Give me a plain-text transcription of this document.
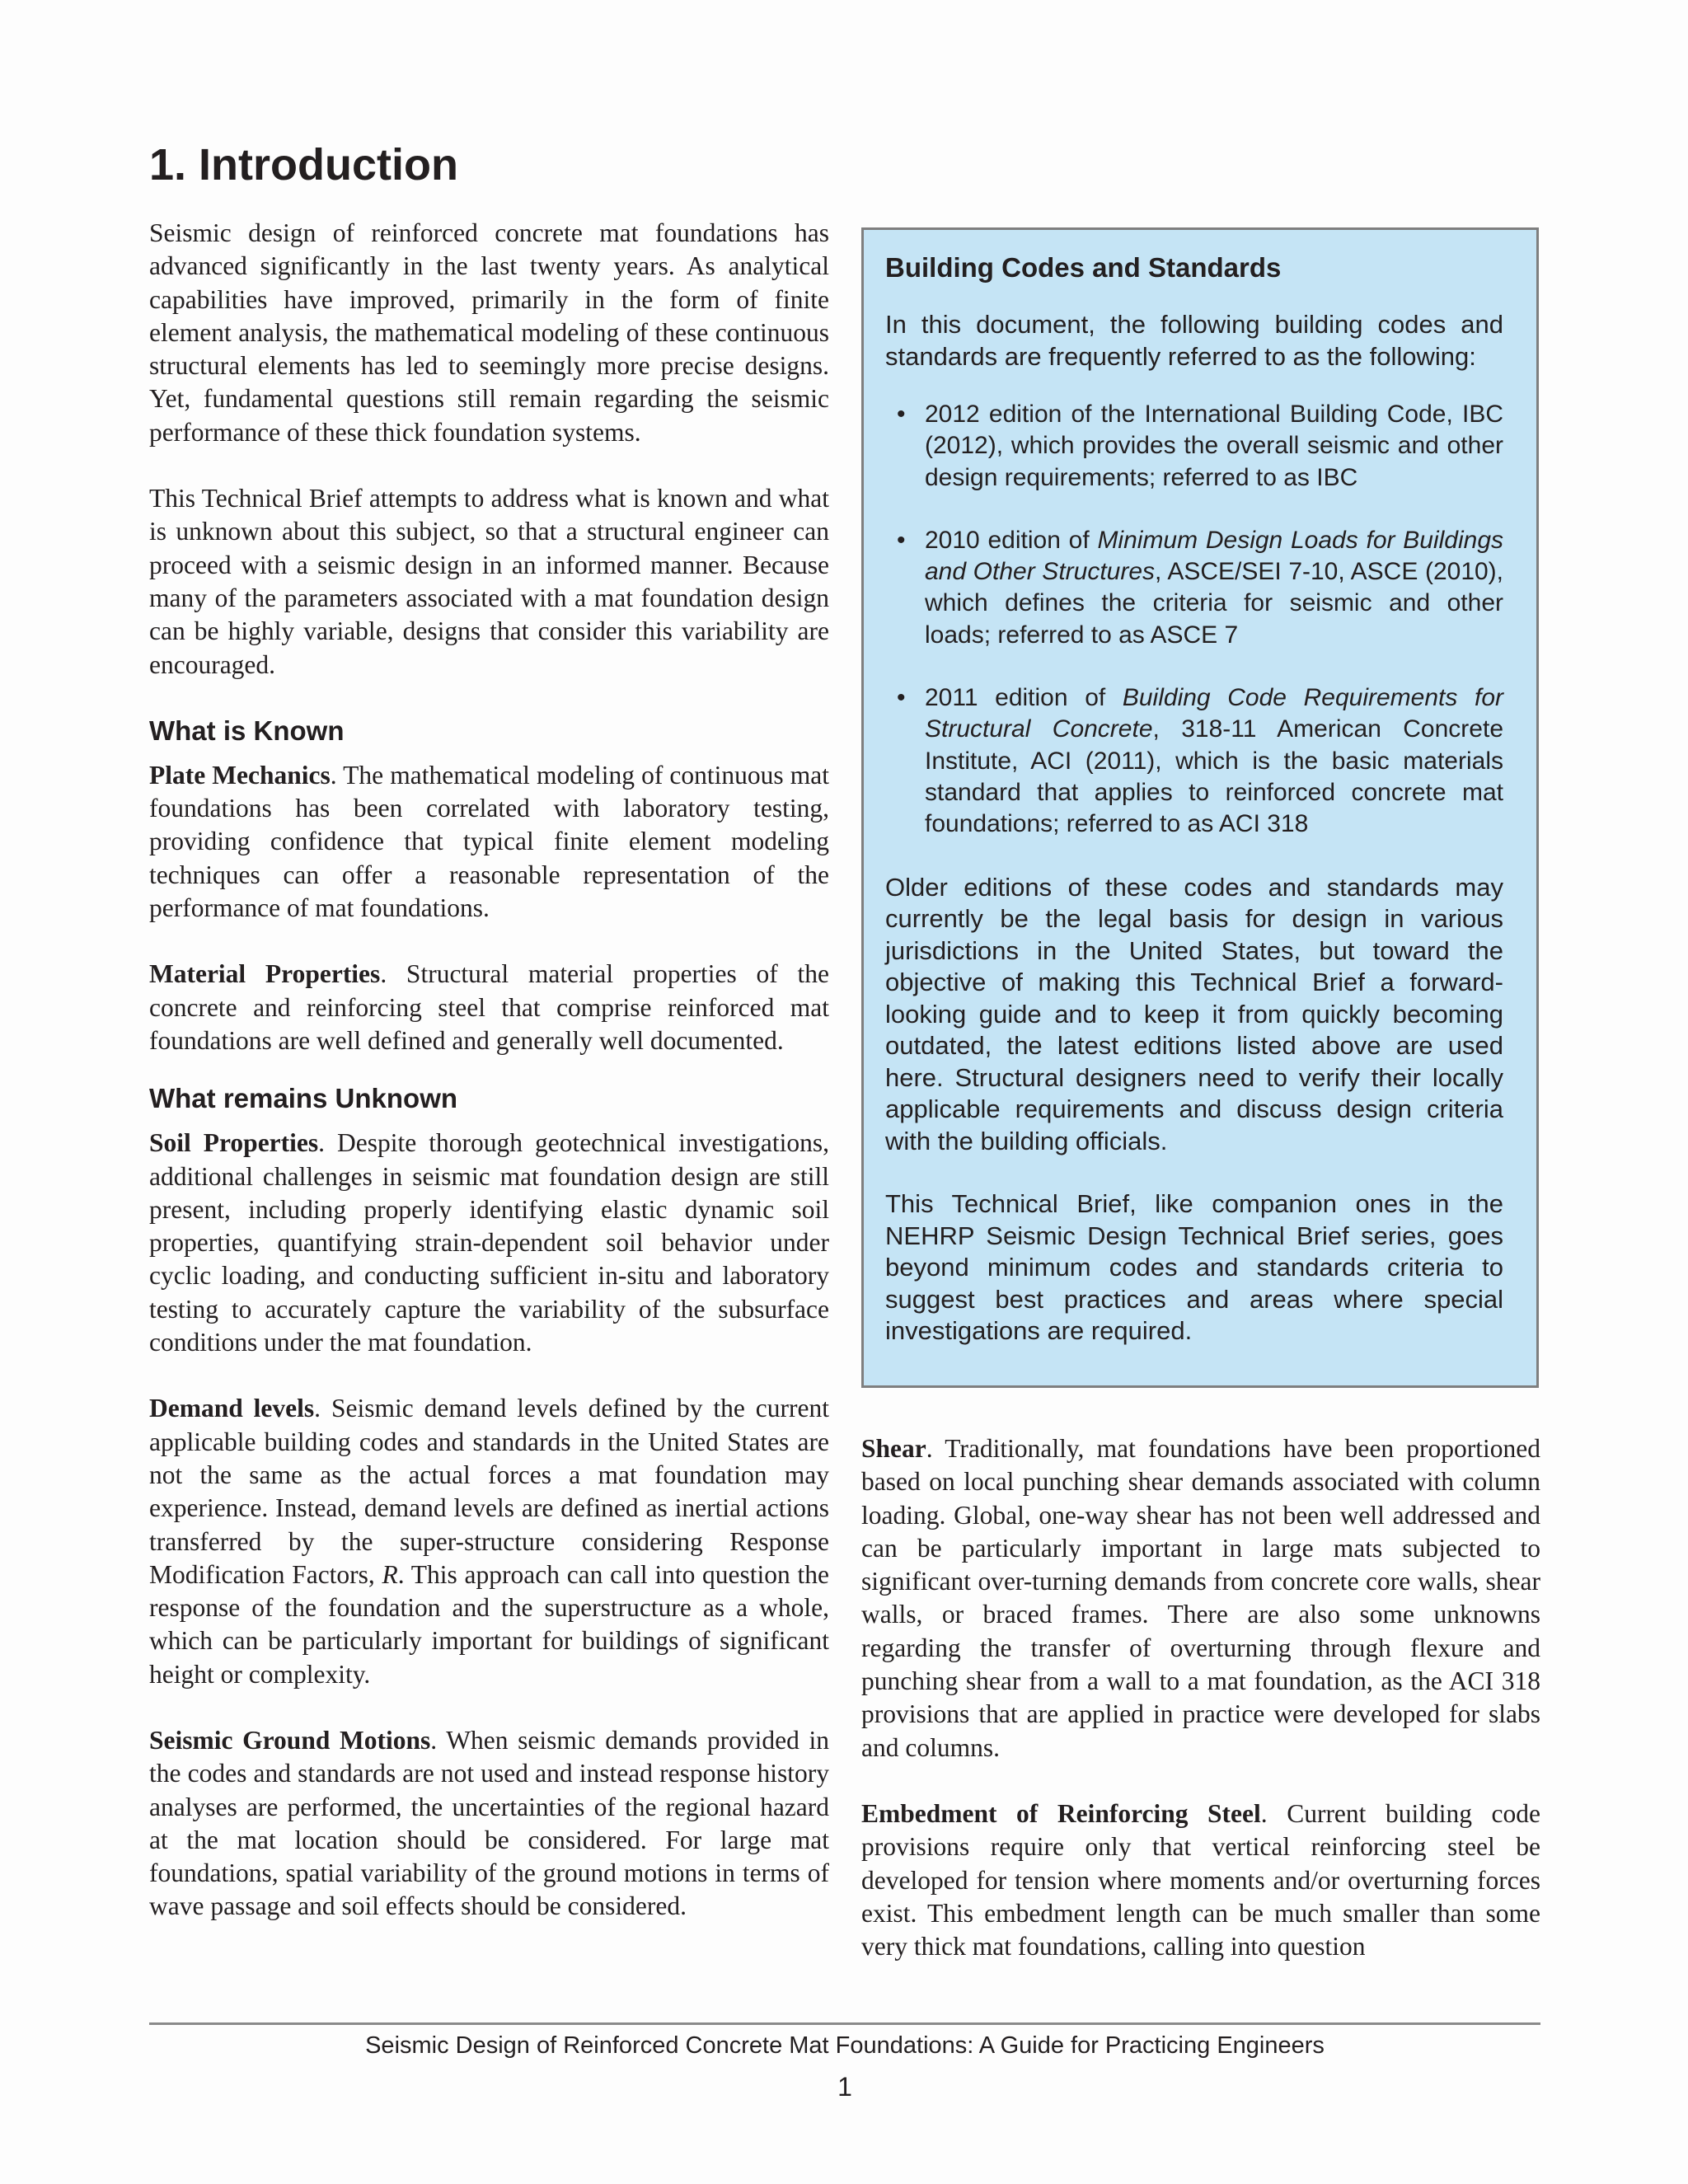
1. Introduction

Seismic design of reinforced concrete mat foundations has advanced significantly in the last twenty years. As analytical capabilities have improved, primarily in the form of finite element analysis, the mathematical modeling of these continuous structural elements has led to seemingly more precise designs. Yet, fundamental questions still remain regarding the seismic performance of these thick foundation systems.

This Technical Brief attempts to address what is known and what is unknown about this subject, so that a structural engineer can proceed with a seismic design in an informed manner. Because many of the parameters associated with a mat foundation design can be highly variable, designs that consider this variability are encouraged.

What is Known

Plate Mechanics. The mathematical modeling of continuous mat foundations has been correlated with laboratory testing, providing confidence that typical finite element modeling techniques can offer a reasonable representation of the performance of mat foundations.

Material Properties. Structural material properties of the concrete and reinforcing steel that comprise reinforced mat foundations are well defined and generally well documented.

What remains Unknown

Soil Properties. Despite thorough geotechnical investigations, additional challenges in seismic mat foundation design are still present, including properly identifying elastic dynamic soil properties, quantifying strain-dependent soil behavior under cyclic loading, and conducting sufficient in-situ and laboratory testing to accurately capture the variability of the subsurface conditions under the mat foundation.

Demand levels. Seismic demand levels defined by the current applicable building codes and standards in the United States are not the same as the actual forces a mat foundation may experience. Instead, demand levels are defined as inertial actions transferred by the super-structure considering Response Modification Factors, R. This approach can call into question the response of the foundation and the superstructure as a whole, which can be particularly important for buildings of significant height or complexity.

Seismic Ground Motions. When seismic demands provided in the codes and standards are not used and instead response history analyses are performed, the uncertainties of the regional hazard at the mat location should be considered. For large mat foundations, spatial variability of the ground motions in terms of wave passage and soil effects should be considered.

Building Codes and Standards

In this document, the following building codes and standards are frequently referred to as the following:

• 2012 edition of the International Building Code, IBC (2012), which provides the overall seismic and other design requirements; referred to as IBC
• 2010 edition of Minimum Design Loads for Buildings and Other Structures, ASCE/SEI 7-10, ASCE (2010), which defines the criteria for seismic and other loads; referred to as ASCE 7
• 2011 edition of Building Code Requirements for Structural Concrete, 318-11 American Concrete Institute, ACI (2011), which is the basic materials standard that applies to reinforced concrete mat foundations; referred to as ACI 318

Older editions of these codes and standards may currently be the legal basis for design in various jurisdictions in the United States, but toward the objective of making this Technical Brief a forward-looking guide and to keep it from quickly becoming outdated, the latest editions listed above are used here. Structural designers need to verify their locally applicable requirements and discuss design criteria with the building officials.

This Technical Brief, like companion ones in the NEHRP Seismic Design Technical Brief series, goes beyond minimum codes and standards criteria to suggest best practices and areas where special investigations are required.

Shear. Traditionally, mat foundations have been proportioned based on local punching shear demands associated with column loading. Global, one-way shear has not been well addressed and can be particularly important in large mats subjected to significant over-turning demands from concrete core walls, shear walls, or braced frames. There are also some unknowns regarding the transfer of overturning through flexure and punching shear from a wall to a mat foundation, as the ACI 318 provisions that are applied in practice were developed for slabs and columns.

Embedment of Reinforcing Steel. Current building code provisions require only that vertical reinforcing steel be developed for tension where moments and/or overturning forces exist. This embedment length can be much smaller than some very thick mat foundations, calling into question

Seismic Design of Reinforced Concrete Mat Foundations: A Guide for Practicing Engineers
1
